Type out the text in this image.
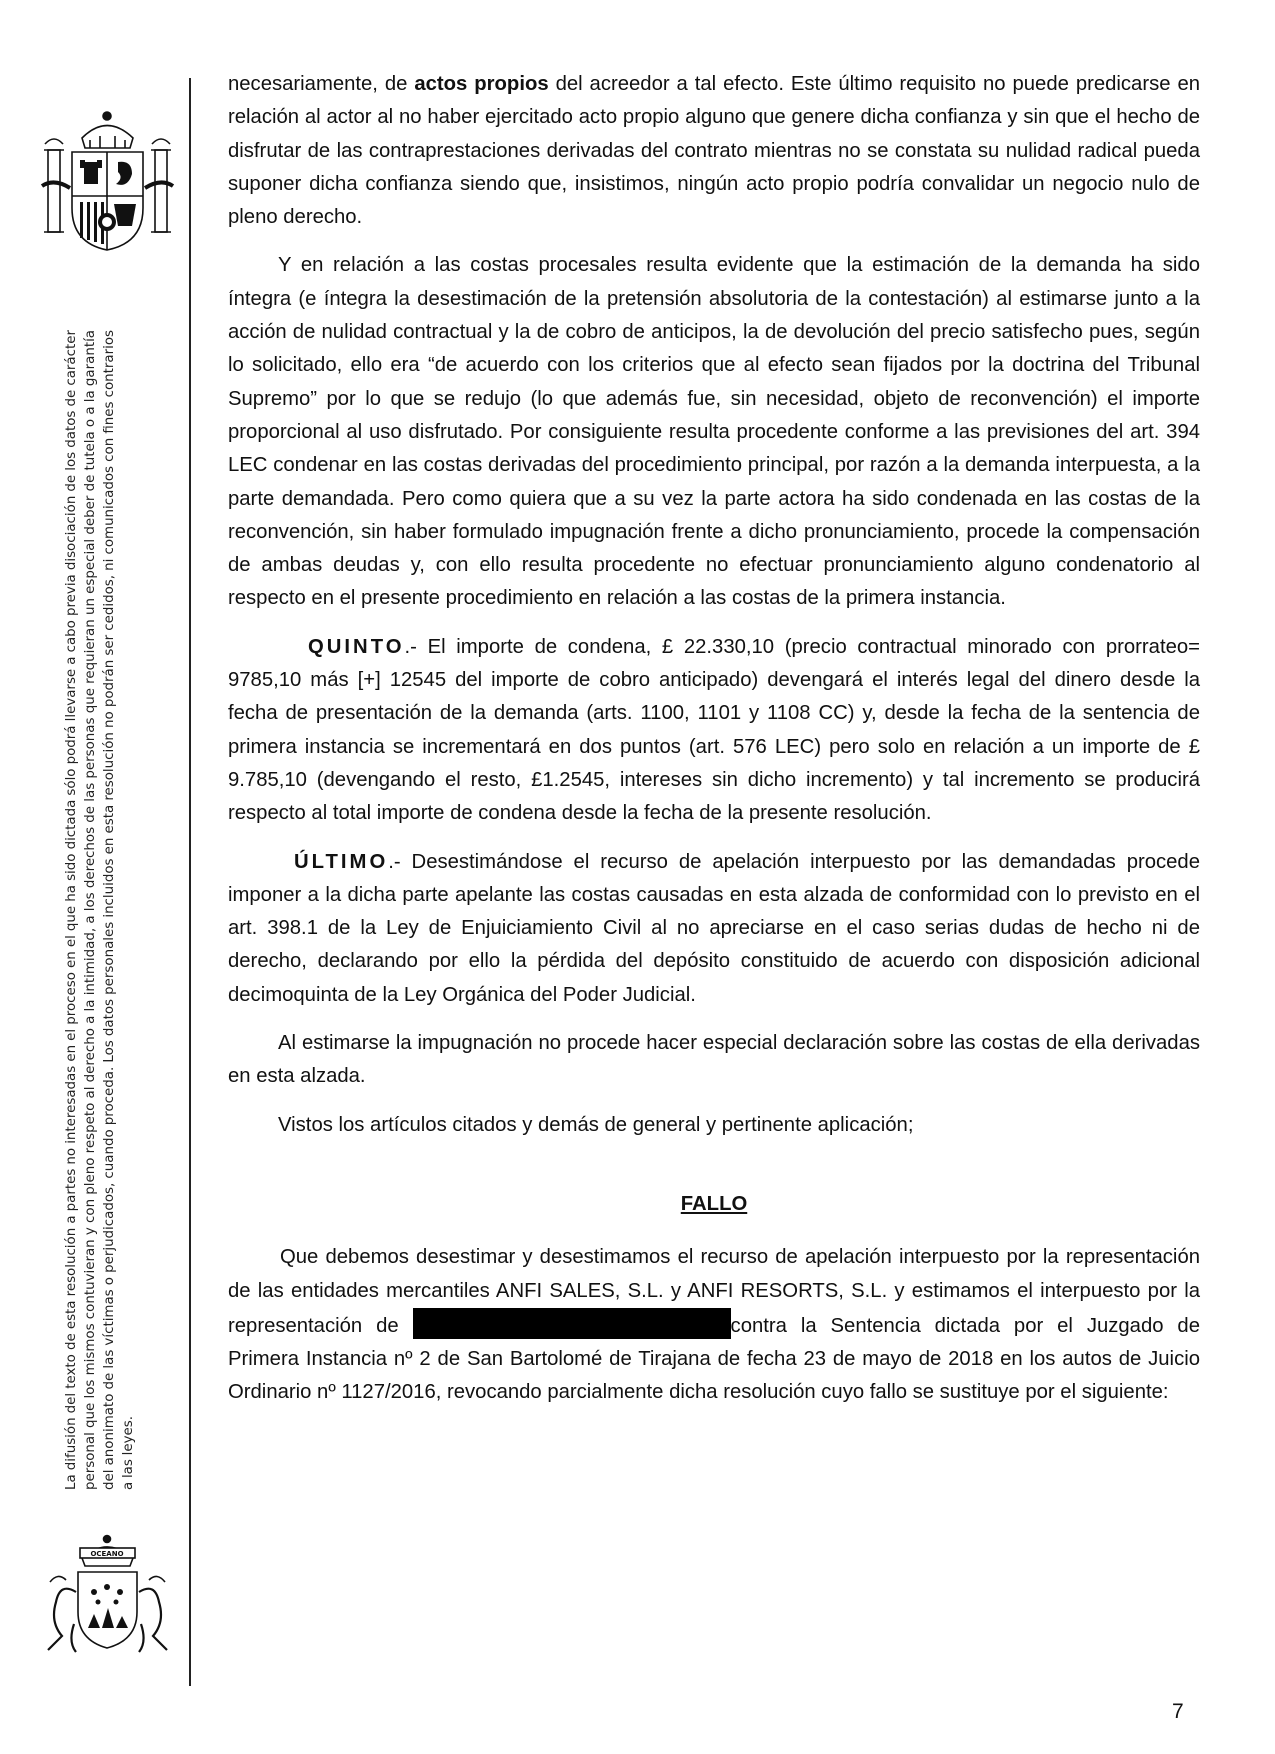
La difusión del texto de esta resolución a partes no interesadas en el proceso en el que ha sido dictada sólo podrá llevarse a cabo previa disociación de los datos de carácter personal que los mismos contuvieran y con pleno respeto al derecho a la intimidad, a los derechos de las personas que requieran un especial deber de tutela o a la garantía del anonimato de las víctimas o perjudicados, cuando proceda. Los datos personales incluidos en esta resolución no podrán ser cedidos, ni comunicados con fines contrarios a las leyes.
OCEANO

necesariamente, de actos propios del acreedor a tal efecto. Este último requisito no puede predicarse en relación al actor al no haber ejercitado acto propio alguno que genere dicha confianza y sin que el hecho de disfrutar de las contraprestaciones derivadas del contrato mientras no se constata su nulidad radical pueda suponer dicha confianza siendo que, insistimos, ningún acto propio podría convalidar un negocio nulo de pleno derecho.

Y en relación a las costas procesales resulta evidente que la estimación de la demanda ha sido íntegra (e íntegra la desestimación de la pretensión absolutoria de la contestación) al estimarse junto a la acción de nulidad contractual y la de cobro de anticipos, la de devolución del precio satisfecho pues, según lo solicitado, ello era “de acuerdo con los criterios que al efecto sean fijados por la doctrina del Tribunal Supremo” por lo que se redujo (lo que además fue, sin necesidad, objeto de reconvención) el importe proporcional al uso disfrutado. Por consiguiente resulta procedente conforme a las previsiones del art. 394 LEC condenar en las costas derivadas del procedimiento principal, por razón a la demanda interpuesta, a la parte demandada. Pero como quiera que a su vez la parte actora ha sido condenada en las costas de la reconvención, sin haber formulado impugnación frente a dicho pronunciamiento, procede la compensación de ambas deudas y, con ello resulta procedente no efectuar pronunciamiento alguno condenatorio al respecto en el presente procedimiento en relación a las costas de la primera instancia.

QUINTO.- El importe de condena, £ 22.330,10 (precio contractual minorado con prorrateo= 9785,10 más [+] 12545 del importe de cobro anticipado) devengará el interés legal del dinero desde la fecha de presentación de la demanda (arts. 1100, 1101 y 1108 CC) y, desde la fecha de la sentencia de primera instancia se incrementará en dos puntos (art. 576 LEC) pero solo en relación a un importe de £ 9.785,10 (devengando el resto, £1.2545, intereses sin dicho incremento) y tal incremento se producirá respecto al total importe de condena desde la fecha de la presente resolución.

ÚLTIMO.- Desestimándose el recurso de apelación interpuesto por las demandadas procede imponer a la dicha parte apelante las costas causadas en esta alzada de conformidad con lo previsto en el art. 398.1 de la Ley de Enjuiciamiento Civil al no apreciarse en el caso serias dudas de hecho ni de derecho, declarando por ello la pérdida del depósito constituido de acuerdo con disposición adicional decimoquinta de la Ley Orgánica del Poder Judicial.

Al estimarse la impugnación no procede hacer especial declaración sobre las costas de ella derivadas en esta alzada.

Vistos los artículos citados y demás de general y pertinente aplicación;

FALLO

Que debemos desestimar y desestimamos el recurso de apelación interpuesto por la representación de las entidades mercantiles ANFI SALES, S.L. y ANFI RESORTS, S.L. y estimamos el interpuesto por la representación de	contra la Sentencia dictada por el Juzgado de Primera Instancia nº 2 de San Bartolomé de Tirajana de fecha 23 de mayo de 2018 en los autos de Juicio Ordinario nº 1127/2016, revocando parcialmente dicha resolución cuyo fallo se sustituye por el siguiente:

7
